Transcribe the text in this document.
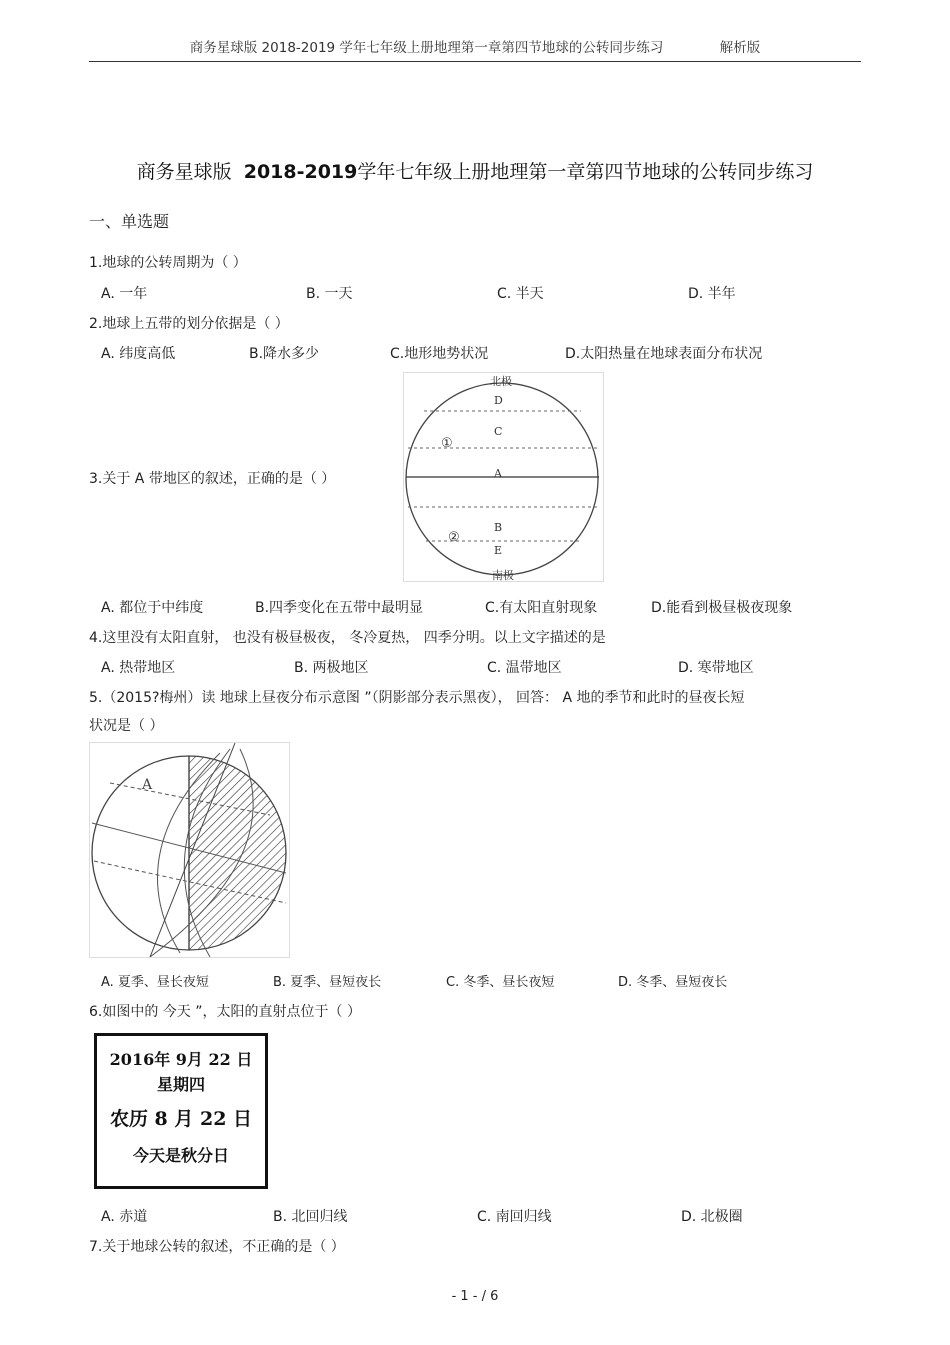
商务星球版 2018-2019 学年七年级上册地理第一章第四节地球的公转同步练习	解析版
商务星球版 2018-2019学年七年级上册地理第一章第四节地球的公转同步练习
一、单选题
1.地球的公转周期为（ ）
A. 一年	B. 一天	C. 半天	D. 半年
2.地球上五带的划分依据是（ ）
A. 纬度高低	B.降水多少	C.地形地势状况	D.太阳热量在地球表面分布状况
北极
南极
D
C
A
B
E
①
②
3.关于 A 带地区的叙述，正确的是（ ）
A. 都位于中纬度	B.四季变化在五带中最明显	C.有太阳直射现象	D.能看到极昼极夜现象
4.这里没有太阳直射， 也没有极昼极夜， 冬冷夏热， 四季分明。以上文字描述的是
A. 热带地区	B. 两极地区	C. 温带地区	D. 寒带地区
5.（2015?梅州）读 地球上昼夜分布示意图 ”（阴影部分表示黑夜）， 回答： A 地的季节和此时的昼夜长短
状况是（ ）
A
A. 夏季、昼长夜短	B. 夏季、昼短夜长	C. 冬季、昼长夜短	D. 冬季、昼短夜长
6.如图中的 今天 ”，太阳的直射点位于（ ）
2016年 9月 22 日
星期四
农历 8 月 22 日
今天是秋分日
A. 赤道	B. 北回归线	C. 南回归线	D. 北极圈
7.关于地球公转的叙述，不正确的是（ ）
- 1 - / 6
